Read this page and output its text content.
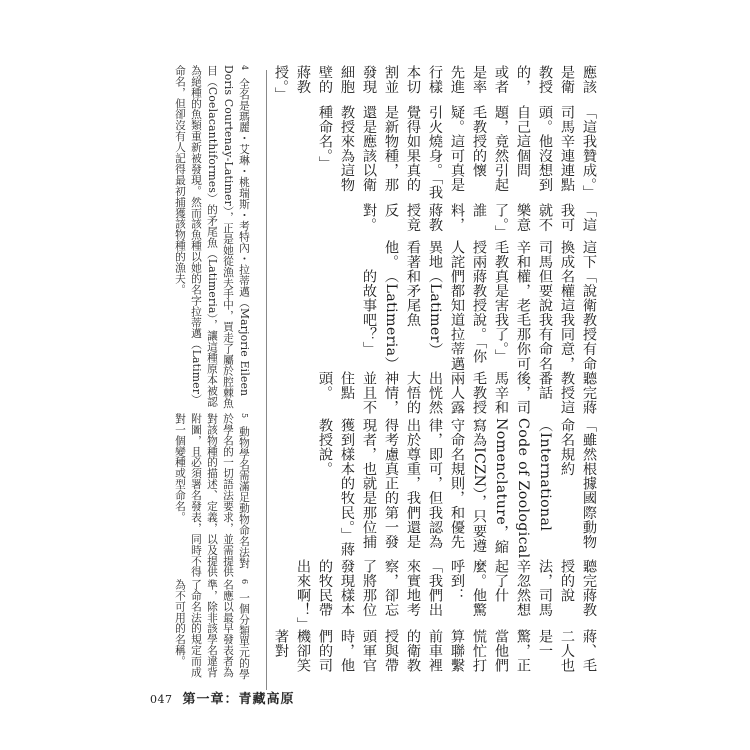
應該是衛教授的，或者是率先進行樣本切割並發現細胞壁的蔣教授。」

「這我贊成。」司馬辛連連點頭。他沒想到自己這個問題，竟然引起毛教授的懷疑。這可真是引火燒身。「我覺得如果真的是新物種，那還是應該以衛教授來為這物種命名。」

「這我可就不樂意了。」誰料，蔣教授竟反對。

這下換成司馬辛和毛教授兩人詫異地看著他。

「說衛教授有命名權這我同意，但要說我有命名權，老毛那你可真是害我了。」蔣教授說。「你們都知道拉蒂邁（Latimer）和矛尾魚（Latimeria）的故事吧？」

聽完蔣教授這番話後，司馬辛和毛教授兩人露出恍然大悟的神情，並且不住點頭。

「雖然根據國際動物命名規約（International Code of Zoological Nomenclature，縮寫為ICZN），只要遵守命名規則，和優先律，即可，但我認為出於尊重，我們還是得考慮真正的第一發現者，也就是那位捕獲到樣本的牧民。」蔣教授說。

聽完蔣教授的說法，司馬辛忽然想起了什麼。他驚呼到：「我們出來實地考察，卻忘了將那位發現樣本的牧民帶出來啊！」

蔣、毛二人也是一驚，正當他們慌忙打算聯繫前車裡的衛教授與帶頭軍官時，他們的司機卻笑著對

4 全名是瑪麗・艾琳・桃瑞斯・考特內・拉蒂邁（Marjorie Eileen Doris Courtenay-Latimer），正是她從漁夫手中，買走了屬於腔棘魚目（Coelacanthiformes）的矛尾魚（Latimeria），讓這種原本被認為絕種的魚類重新被發現。然而該魚種以她的名字拉蒂邁（Latimer）命名，但卻沒有人記得最初捕獲該物種的漁夫。

5 動物學名需滿足動物命名法對於學名的一切語法要求，並需提供對該物種的描述、定義，以及提供附圖，且必須署名發表，同時不得對一個變種或型命名。

6 一個分類單元的學名應以最早發表者為準，除非該學名違背了命名法的規定而成為不可用的名稱。

047 第一章：青藏高原
